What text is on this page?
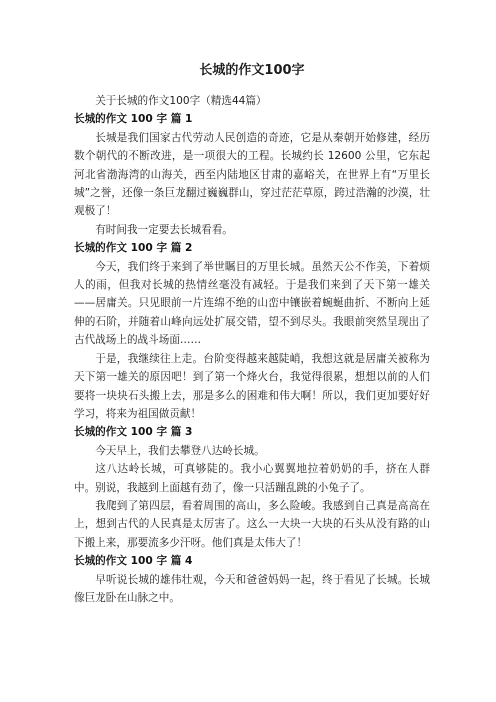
长城的作文100字

关于长城的作文100字（精选44篇）

长城的作文 100 字 篇 1

长城是我们国家古代劳动人民创造的奇迹，它是从秦朝开始修建，经历数个朝代的不断改进，是一项很大的工程。长城约长 12600 公里，它东起河北省渤海湾的山海关，西至内陆地区甘肃的嘉峪关，在世界上有“万里长城”之誉，还像一条巨龙翻过巍巍群山，穿过茫茫草原，跨过浩瀚的沙漠，壮观极了！

有时间我一定要去长城看看。

长城的作文 100 字 篇 2

今天，我们终于来到了举世瞩目的万里长城。虽然天公不作美，下着烦人的雨，但我对长城的热情丝毫没有减轻。于是我们来到了天下第一雄关——居庸关。只见眼前一片连绵不绝的山峦中镶嵌着蜿蜒曲折、不断向上延伸的石阶，并随着山峰向远处扩展交错，望不到尽头。我眼前突然呈现出了古代战场上的战斗场面……

于是，我继续往上走。台阶变得越来越陡峭，我想这就是居庸关被称为天下第一雄关的原因吧！到了第一个烽火台，我觉得很累，想想以前的人们要将一块块石头搬上去，那是多么的困难和伟大啊！所以，我们更加要好好学习，将来为祖国做贡献！

长城的作文 100 字 篇 3

今天早上，我们去攀登八达岭长城。

这八达岭长城，可真够陡的。我小心翼翼地拉着奶奶的手，挤在人群中。别说，我越到上面越有劲了，像一只活蹦乱跳的小兔子了。

我爬到了第四层，看着周围的高山，多么险峻。我感到自己真是高高在上，想到古代的人民真是太厉害了。这么一大块一大块的石头从没有路的山下搬上来，那要流多少汗呀。他们真是太伟大了！

长城的作文 100 字 篇 4

早听说长城的雄伟壮观，今天和爸爸妈妈一起，终于看见了长城。长城像巨龙卧在山脉之中。
